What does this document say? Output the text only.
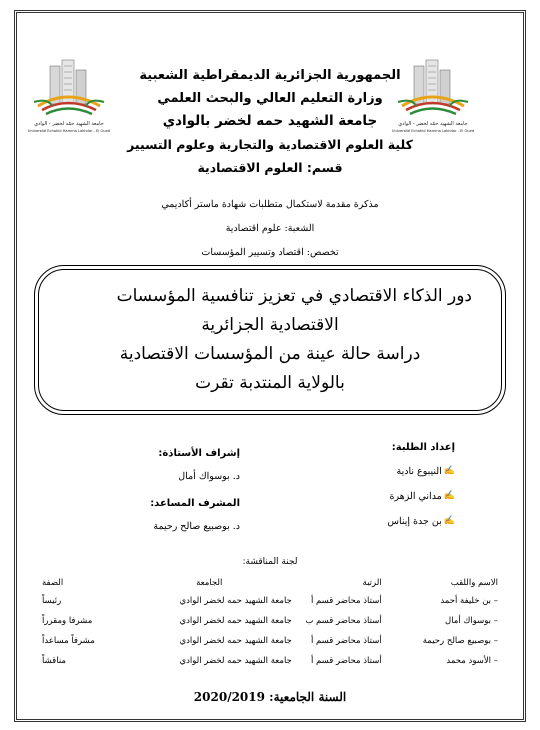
جامعة الشهيد حمّه لخضر - الوادي
Université Echahid Hamma Lakhdar - El Oued
جامعة الشهيد حمّه لخضر - الوادي
Université Echahid Hamma Lakhdar - El Oued
الجمهورية الجزائرية الديمقراطية الشعبية
وزارة التعليم العالي والبحث العلمي
جامعة الشهيد حمه لخضر بالوادي
كلية العلوم الاقتصادية والتجارية وعلوم التسيير
قسم: العلوم الاقتصادية
مذكرة مقدمة لاستكمال متطلبات شهادة ماستر أكاديمي
الشعبة: علوم اقتصادية
تخصص: اقتصاد وتسيير المؤسسات
دور الذكاء الاقتصادي في تعزيز تنافسية المؤسسات
الاقتصادية الجزائرية
دراسة حالة عينة من المؤسسات الاقتصادية
بالولاية المنتدبة تقرت
إعداد الطلبة:
✍
النيبوع نادية
✍
مداني الزهرة
✍
بن جدة إيناس
إشراف الأستاذة:
د. بوسواك أمال
المشرف المساعد:
د. بوصبيع صالح رحيمة
لجنة المناقشة:
الاسم واللقب	الرتبة	الجامعة	الصفة
– بن خليفة أحمد	أستاذ محاضر قسم أ	جامعة الشهيد حمه لخضر الوادي	رئيساً
– بوسواك أمال	أستاذ محاضر قسم ب	جامعة الشهيد حمه لخضر الوادي	مشرفا ومقرراً
– بوصبيع صالح رحيمة	أستاذ محاضر قسم أ	جامعة الشهيد حمه لخضر الوادي	مشرفاً مساعداً
– الأسود محمد	أستاذ محاضر قسم أ	جامعة الشهيد حمه لخضر الوادي	مناقشاً
السنة الجامعية: 2020/2019
